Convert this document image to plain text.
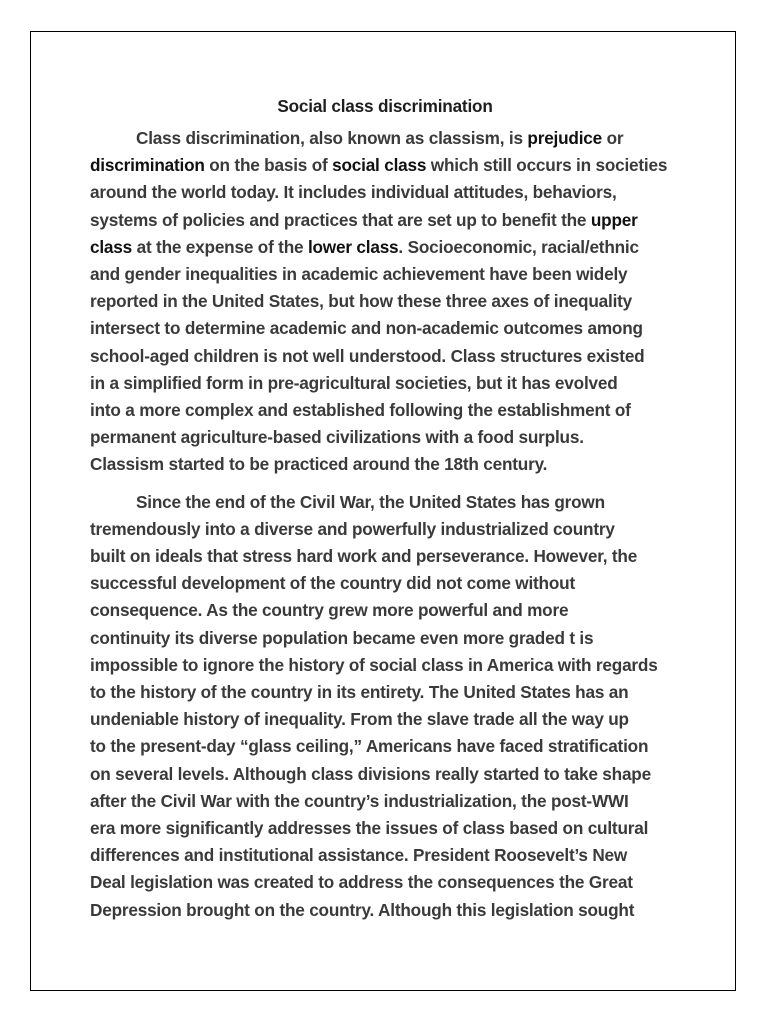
Social class discrimination
Class discrimination, also known as classism, is prejudice or
discrimination on the basis of social class which still occurs in societies
around the world today. It includes individual attitudes, behaviors,
systems of policies and practices that are set up to benefit the upper
class at the expense of the lower class. Socioeconomic, racial/ethnic
and gender inequalities in academic achievement have been widely
reported in the United States, but how these three axes of inequality
intersect to determine academic and non-academic outcomes among
school-aged children is not well understood. Class structures existed
in a simplified form in pre-agricultural societies, but it has evolved
into a more complex and established following the establishment of
permanent agriculture-based civilizations with a food surplus.
Classism started to be practiced around the 18th century.
Since the end of the Civil War, the United States has grown
tremendously into a diverse and powerfully industrialized country
built on ideals that stress hard work and perseverance. However, the
successful development of the country did not come without
consequence. As the country grew more powerful and more
continuity its diverse population became even more graded t is
impossible to ignore the history of social class in America with regards
to the history of the country in its entirety. The United States has an
undeniable history of inequality. From the slave trade all the way up
to the present-day “glass ceiling,” Americans have faced stratification
on several levels. Although class divisions really started to take shape
after the Civil War with the country’s industrialization, the post-WWI
era more significantly addresses the issues of class based on cultural
differences and institutional assistance. President Roosevelt’s New
Deal legislation was created to address the consequences the Great
Depression brought on the country. Although this legislation sought
